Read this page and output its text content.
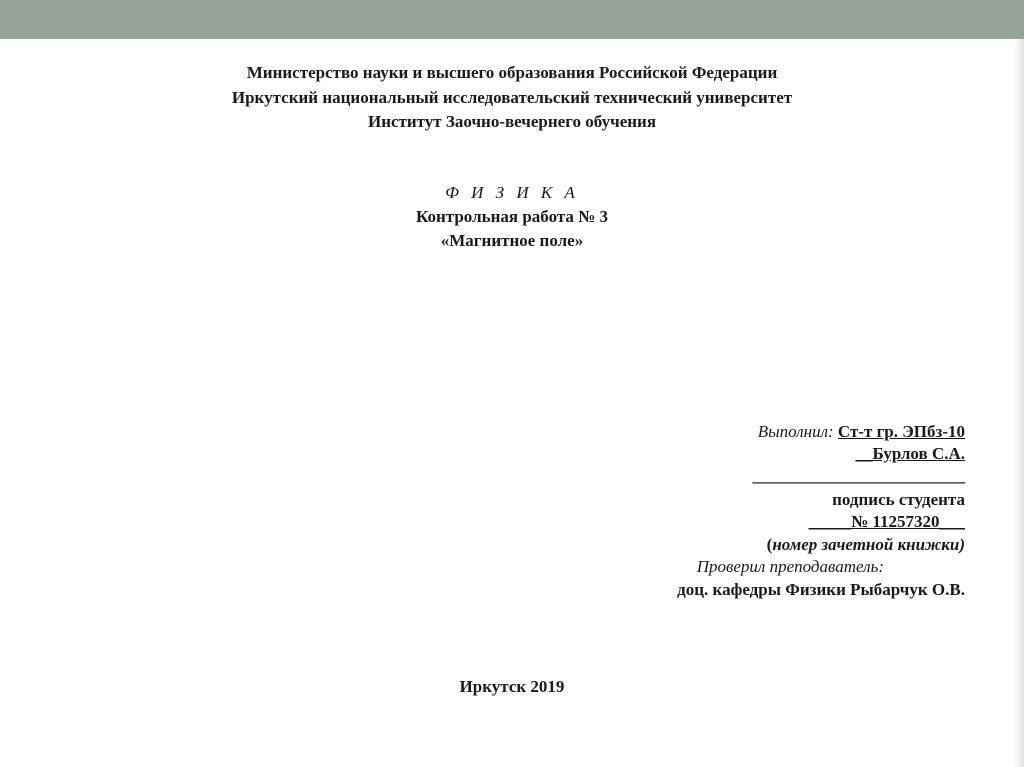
Министерство науки и высшего образования Российской Федерации
Иркутский национальный исследовательский технический университет
Институт Заочно-вечернего обучения
Ф И З И К А
Контрольная работа № 3
«Магнитное поле»
Выполнил: Ст-т гр. ЭПбз-10
__Бурлов С.А.
_________________________
подпись студента
_____№ 11257320___
(номер зачетной книжки)
Проверил преподаватель:
доц. кафедры Физики Рыбарчук О.В.
Иркутск 2019
